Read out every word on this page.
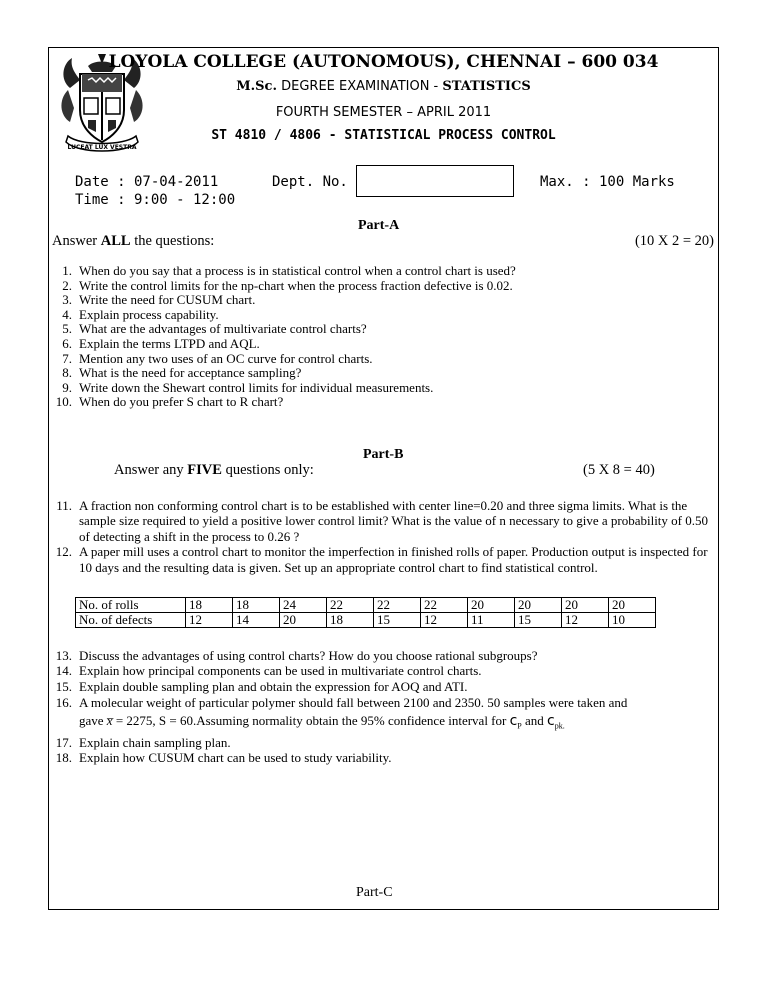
LUCEAT LUX VESTRA
LOYOLA COLLEGE (AUTONOMOUS), CHENNAI – 600 034
M.Sc. DEGREE EXAMINATION - STATISTICS
FOURTH SEMESTER – APRIL 2011
ST 4810 / 4806 - STATISTICAL PROCESS CONTROL
Date : 07-04-2011
Time : 9:00 - 12:00
Dept. No.	Max. : 100 Marks
Part-A
Answer ALL the questions:	(10 X 2 = 20)
1. When do you say that a process is in statistical control when a control chart is used?
2. Write the control limits for the np-chart when the process fraction defective is 0.02.
3. Write the need for CUSUM chart.
4. Explain process capability.
5. What are the advantages of multivariate control charts?
6. Explain the terms LTPD and AQL.
7. Mention any two uses of an OC curve for control charts.
8. What is the need for acceptance sampling?
9. Write down the Shewart control limits for individual measurements.
10. When do you prefer S chart to R chart?
Part-B
Answer any FIVE questions only:	(5 X 8 = 40)
11. A fraction non conforming control chart is to be established with center line=0.20 and three sigma limits. What is the sample size required to yield a positive lower control limit? What is the value of n necessary to give a probability of 0.50 of detecting a shift in the process to 0.26 ?
12. A paper mill uses a control chart to monitor the imperfection in finished rolls of paper. Production output is inspected for 10 days and the resulting data is given. Set up an appropriate control chart to find statistical control.
No. of rolls	18	18	24	22	22	22	20	20	20	20
No. of defects	12	14	20	18	15	12	11	15	12	10
13. Discuss the advantages of using control charts? How do you choose rational subgroups?
14. Explain how principal components can be used in multivariate control charts.
15. Explain double sampling plan and obtain the expression for AOQ and ATI.
16. A molecular weight of particular polymer should fall between 2100 and 2350. 50 samples were taken and
gave x̅ = 2275, S = 60.Assuming normality obtain the 95% confidence interval for $c_P$ and $c_{pk.}$
17. Explain chain sampling plan.
18. Explain how CUSUM chart can be used to study variability.
Part-C
